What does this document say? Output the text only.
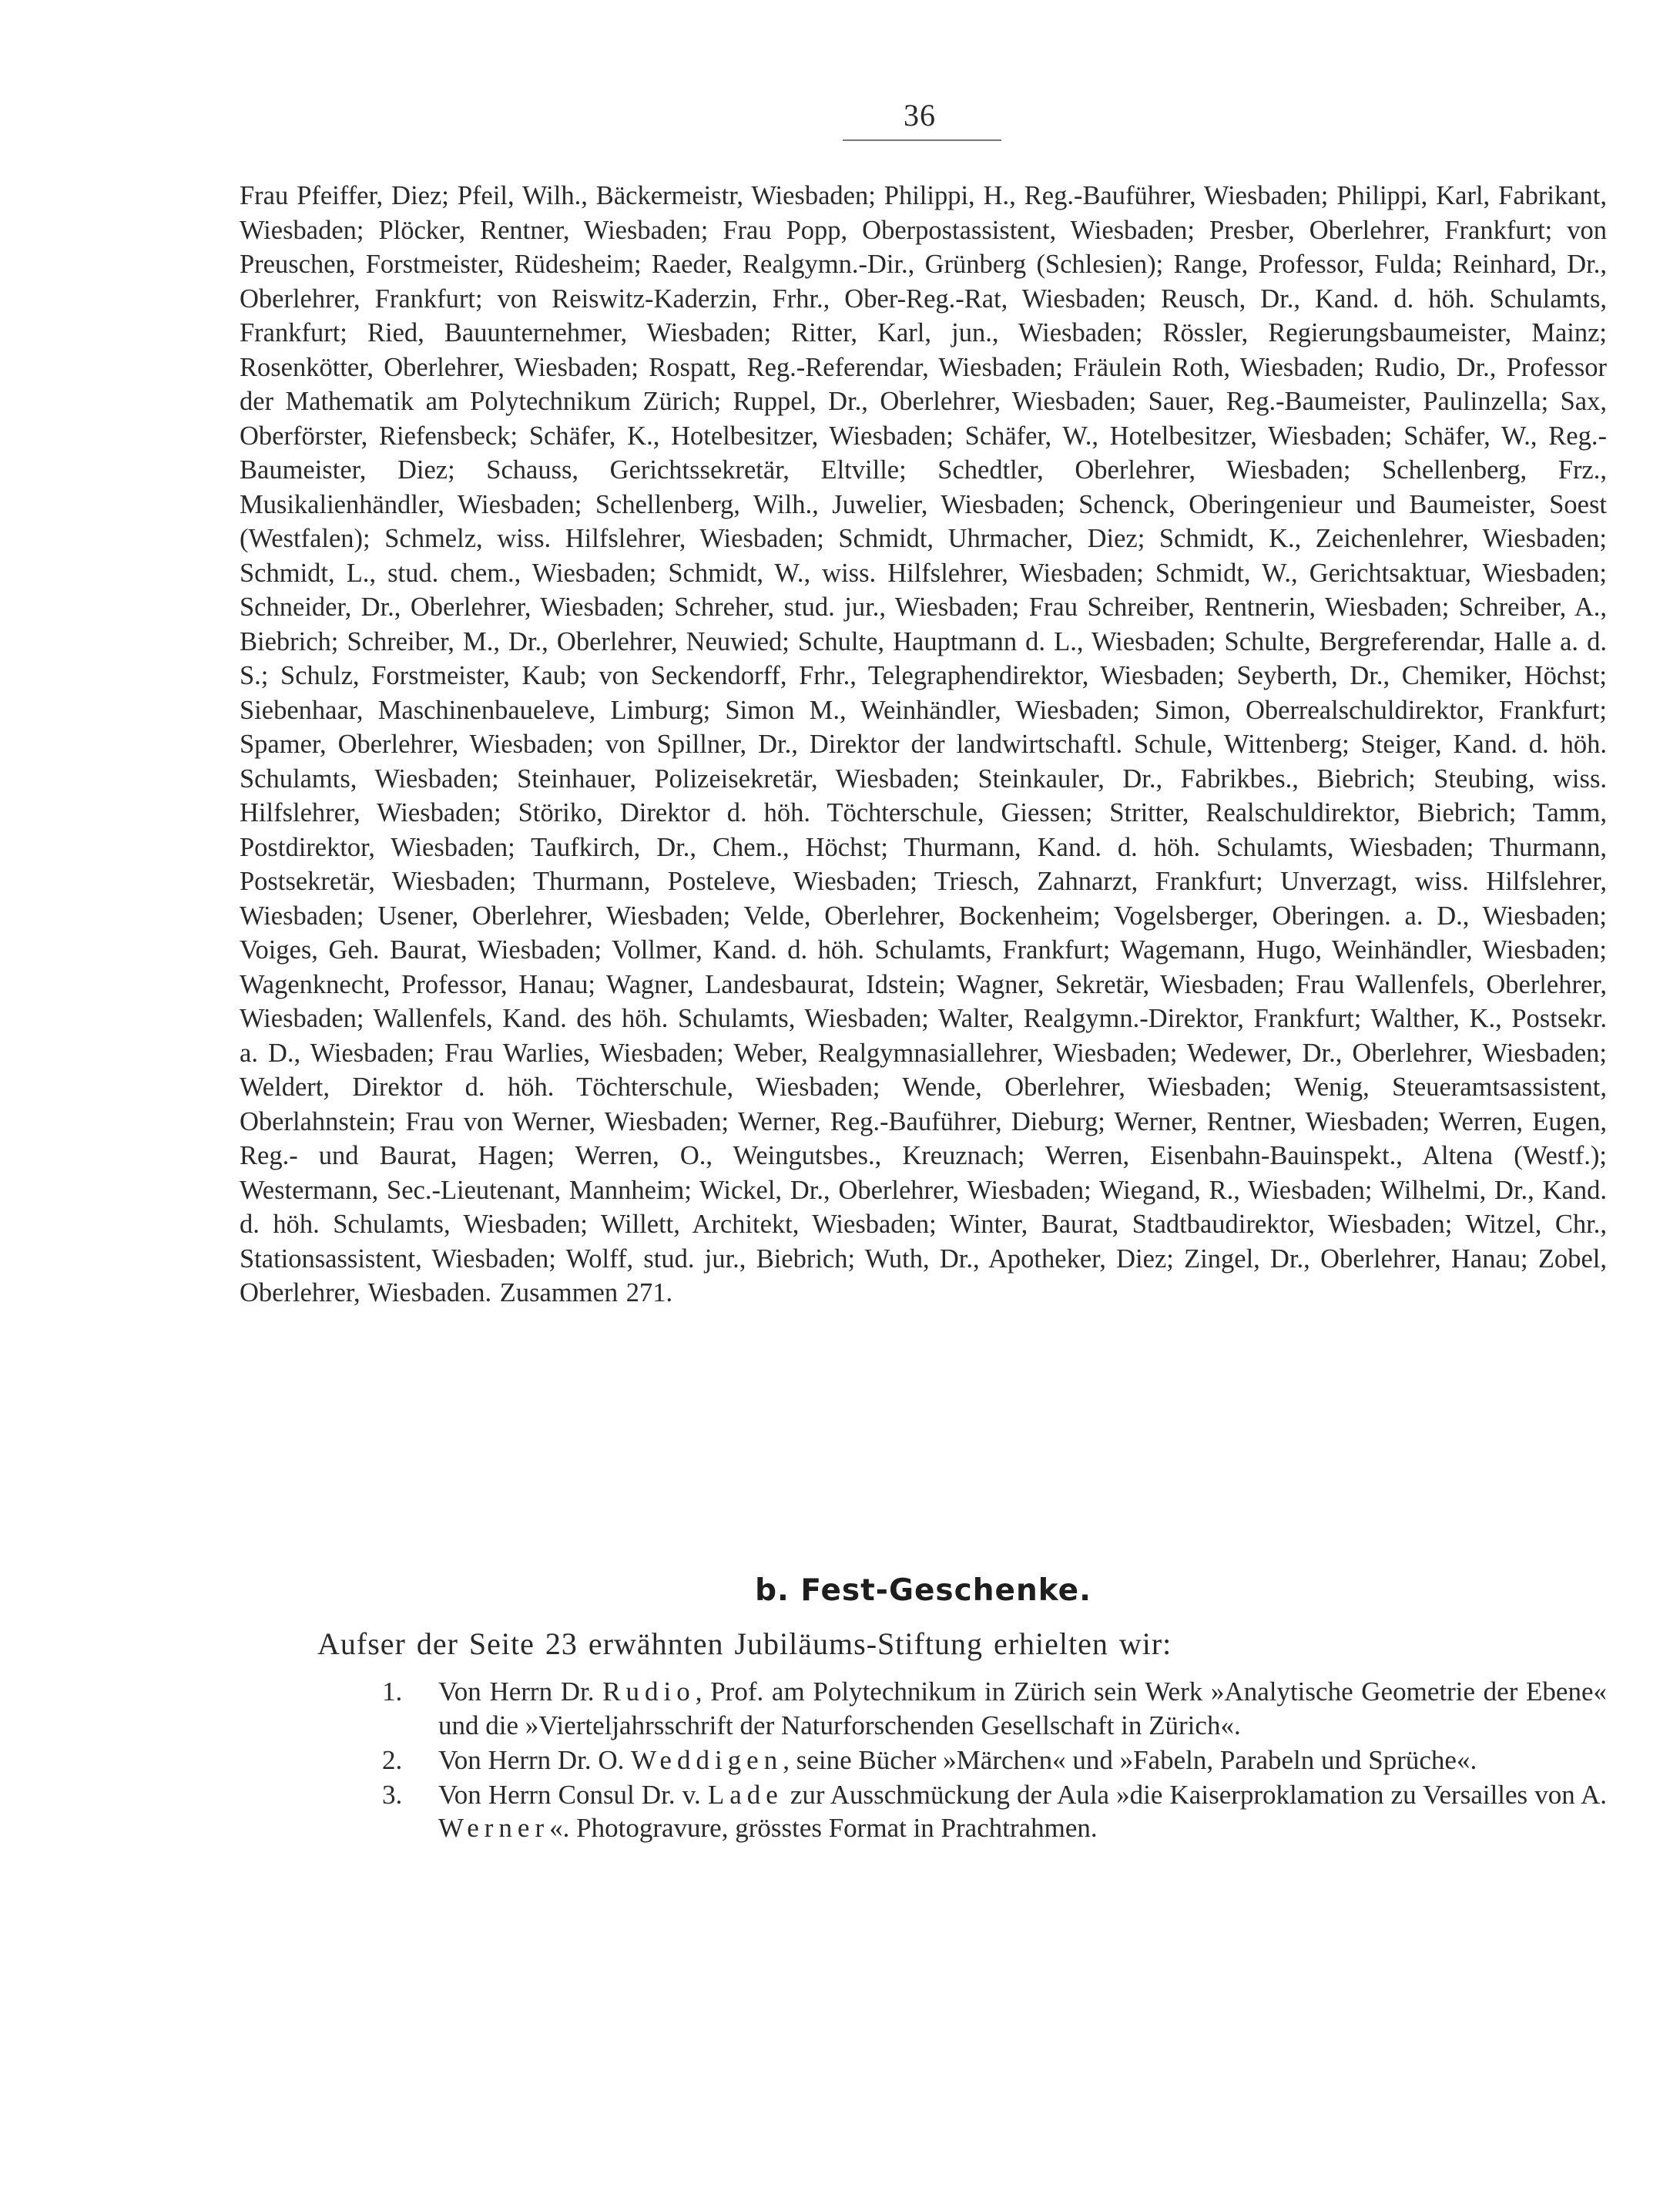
36

Frau Pfeiffer, Diez; Pfeil, Wilh., Bäckermeistr, Wiesbaden; Philippi, H., Reg.-Bauführer, Wiesbaden; Philippi, Karl, Fabrikant, Wiesbaden; Plöcker, Rentner, Wiesbaden; Frau Popp, Oberpostassistent, Wiesbaden; Presber, Oberlehrer, Frankfurt; von Preuschen, Forstmeister, Rüdesheim; Raeder, Realgymn.-Dir., Grünberg (Schlesien); Range, Professor, Fulda; Reinhard, Dr., Oberlehrer, Frankfurt; von Reiswitz-Kaderzin, Frhr., Ober-Reg.-Rat, Wiesbaden; Reusch, Dr., Kand. d. höh. Schulamts, Frankfurt; Ried, Bauunternehmer, Wiesbaden; Ritter, Karl, jun., Wiesbaden; Rössler, Regierungsbaumeister, Mainz; Rosenkötter, Oberlehrer, Wiesbaden; Rospatt, Reg.-Referendar, Wiesbaden; Fräulein Roth, Wiesbaden; Rudio, Dr., Professor der Mathematik am Polytechnikum Zürich; Ruppel, Dr., Oberlehrer, Wiesbaden; Sauer, Reg.-Baumeister, Paulinzella; Sax, Oberförster, Riefensbeck; Schäfer, K., Hotelbesitzer, Wiesbaden; Schäfer, W., Hotelbesitzer, Wiesbaden; Schäfer, W., Reg.-Baumeister, Diez; Schauss, Gerichtssekretär, Eltville; Schedtler, Oberlehrer, Wiesbaden; Schellenberg, Frz., Musikalienhändler, Wiesbaden; Schellenberg, Wilh., Juwelier, Wiesbaden; Schenck, Oberingenieur und Baumeister, Soest (Westfalen); Schmelz, wiss. Hilfslehrer, Wiesbaden; Schmidt, Uhrmacher, Diez; Schmidt, K., Zeichenlehrer, Wiesbaden; Schmidt, L., stud. chem., Wiesbaden; Schmidt, W., wiss. Hilfslehrer, Wiesbaden; Schmidt, W., Gerichtsaktuar, Wiesbaden; Schneider, Dr., Oberlehrer, Wiesbaden; Schreher, stud. jur., Wiesbaden; Frau Schreiber, Rentnerin, Wiesbaden; Schreiber, A., Biebrich; Schreiber, M., Dr., Oberlehrer, Neuwied; Schulte, Hauptmann d. L., Wiesbaden; Schulte, Bergreferendar, Halle a. d. S.; Schulz, Forstmeister, Kaub; von Seckendorff, Frhr., Telegraphendirektor, Wiesbaden; Seyberth, Dr., Chemiker, Höchst; Siebenhaar, Maschinenbaueleve, Limburg; Simon M., Weinhändler, Wiesbaden; Simon, Oberrealschuldirektor, Frankfurt; Spamer, Oberlehrer, Wiesbaden; von Spillner, Dr., Direktor der landwirtschaftl. Schule, Wittenberg; Steiger, Kand. d. höh. Schulamts, Wiesbaden; Steinhauer, Polizeisekretär, Wiesbaden; Steinkauler, Dr., Fabrikbes., Biebrich; Steubing, wiss. Hilfslehrer, Wiesbaden; Störiko, Direktor d. höh. Töchterschule, Giessen; Stritter, Realschuldirektor, Biebrich; Tamm, Postdirektor, Wiesbaden; Taufkirch, Dr., Chem., Höchst; Thurmann, Kand. d. höh. Schulamts, Wiesbaden; Thurmann, Postsekretär, Wiesbaden; Thurmann, Posteleve, Wiesbaden; Triesch, Zahnarzt, Frankfurt; Unverzagt, wiss. Hilfslehrer, Wiesbaden; Usener, Oberlehrer, Wiesbaden; Velde, Oberlehrer, Bockenheim; Vogelsberger, Oberingen. a. D., Wiesbaden; Voiges, Geh. Baurat, Wiesbaden; Vollmer, Kand. d. höh. Schulamts, Frankfurt; Wagemann, Hugo, Weinhändler, Wiesbaden; Wagenknecht, Professor, Hanau; Wagner, Landesbaurat, Idstein; Wagner, Sekretär, Wiesbaden; Frau Wallenfels, Oberlehrer, Wiesbaden; Wallenfels, Kand. des höh. Schulamts, Wiesbaden; Walter, Realgymn.-Direktor, Frankfurt; Walther, K., Postsekr. a. D., Wiesbaden; Frau Warlies, Wiesbaden; Weber, Realgymnasiallehrer, Wiesbaden; Wedewer, Dr., Oberlehrer, Wiesbaden; Weldert, Direktor d. höh. Töchterschule, Wiesbaden; Wende, Oberlehrer, Wiesbaden; Wenig, Steueramtsassistent, Oberlahnstein; Frau von Werner, Wiesbaden; Werner, Reg.-Bauführer, Dieburg; Werner, Rentner, Wiesbaden; Werren, Eugen, Reg.- und Baurat, Hagen; Werren, O., Weingutsbes., Kreuznach; Werren, Eisenbahn-Bauinspekt., Altena (Westf.); Westermann, Sec.-Lieutenant, Mannheim; Wickel, Dr., Oberlehrer, Wiesbaden; Wiegand, R., Wiesbaden; Wilhelmi, Dr., Kand. d. höh. Schulamts, Wiesbaden; Willett, Architekt, Wiesbaden; Winter, Baurat, Stadtbaudirektor, Wiesbaden; Witzel, Chr., Stationsassistent, Wiesbaden; Wolff, stud. jur., Biebrich; Wuth, Dr., Apotheker, Diez; Zingel, Dr., Oberlehrer, Hanau; Zobel, Oberlehrer, Wiesbaden. Zusammen 271.

b. Fest-Geschenke.

Aufser der Seite 23 erwähnten Jubiläums-Stiftung erhielten wir:

1.	Von Herrn Dr. Rudio, Prof. am Polytechnikum in Zürich sein Werk »Analytische Geometrie der Ebene« und die »Vierteljahrsschrift der Naturforschenden Gesellschaft in Zürich«.
2.	Von Herrn Dr. O. Weddigen, seine Bücher »Märchen« und »Fabeln, Parabeln und Sprüche«.
3.	Von Herrn Consul Dr. v. Lade zur Ausschmückung der Aula »die Kaiserproklamation zu Versailles von A. Werner«. Photogravure, grösstes Format in Prachtrahmen.
